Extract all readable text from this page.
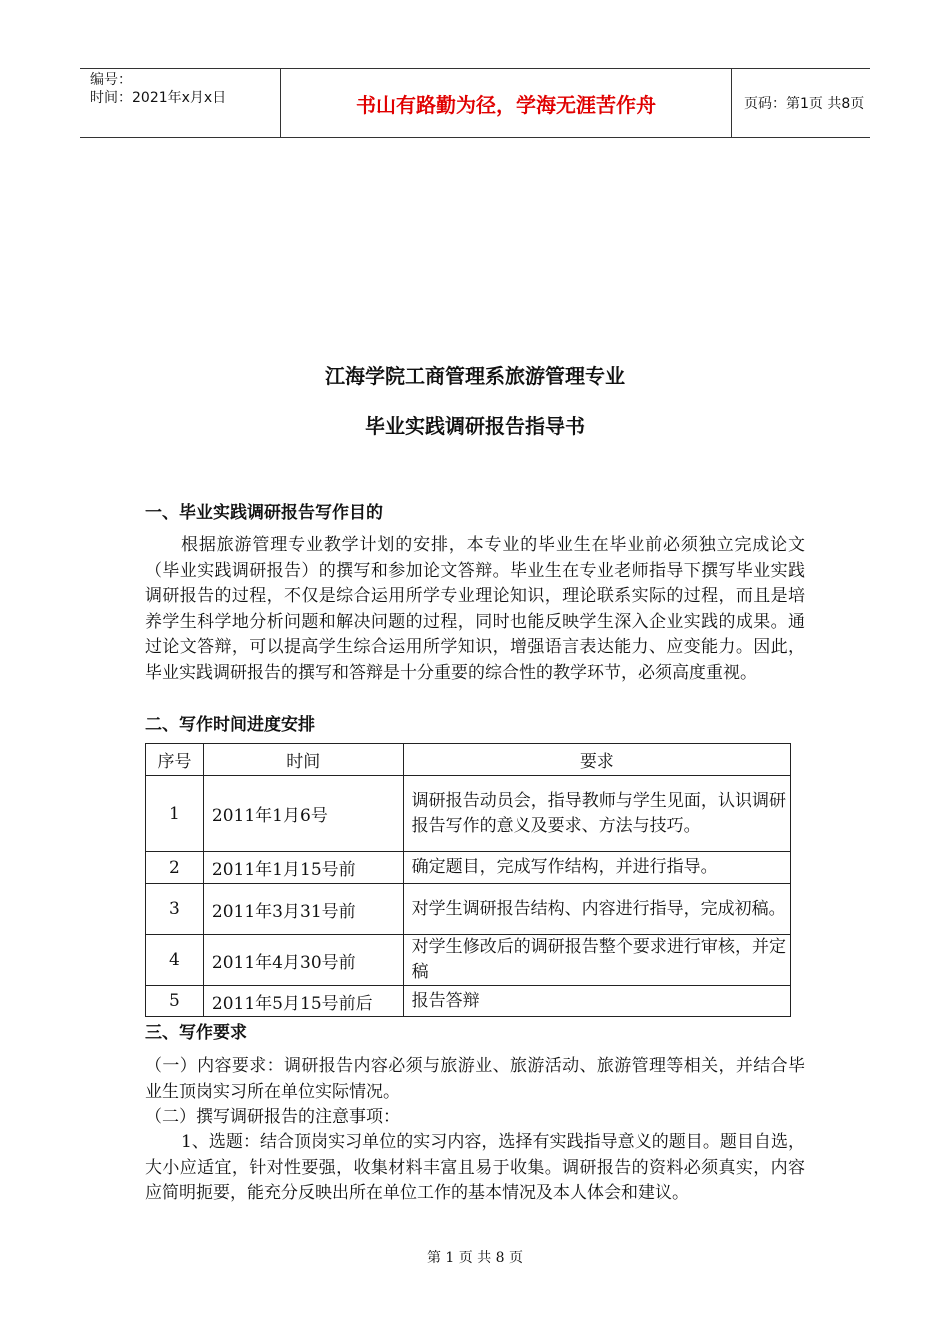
编号：
时间：2021年x月x日	书山有路勤为径，学海无涯苦作舟	页码：第1页 共8页
江海学院工商管理系旅游管理专业
毕业实践调研报告指导书
一、毕业实践调研报告写作目的

根据旅游管理专业教学计划的安排，本专业的毕业生在毕业前必须独立完成论文（毕业实践调研报告）的撰写和参加论文答辩。毕业生在专业老师指导下撰写毕业实践调研报告的过程，不仅是综合运用所学专业理论知识，理论联系实际的过程，而且是培养学生科学地分析问题和解决问题的过程，同时也能反映学生深入企业实践的成果。通过论文答辩，可以提高学生综合运用所学知识，增强语言表达能力、应变能力。因此，毕业实践调研报告的撰写和答辩是十分重要的综合性的教学环节，必须高度重视。

二、写作时间进度安排
序号	时间	要求
1	2011年1月6号	调研报告动员会，指导教师与学生见面，认识调研报告写作的意义及要求、方法与技巧。
2	2011年1月15号前	确定题目，完成写作结构，并进行指导。
3	2011年3月31号前	对学生调研报告结构、内容进行指导，完成初稿。
4	2011年4月30号前	对学生修改后的调研报告整个要求进行审核，并定稿
5	2011年5月15号前后	报告答辩
三、写作要求

（一）内容要求：调研报告内容必须与旅游业、旅游活动、旅游管理等相关，并结合毕业生顶岗实习所在单位实际情况。

（二）撰写调研报告的注意事项：

1、选题：结合顶岗实习单位的实习内容，选择有实践指导意义的题目。题目自选，大小应适宜，针对性要强，收集材料丰富且易于收集。调研报告的资料必须真实，内容应简明扼要，能充分反映出所在单位工作的基本情况及本人体会和建议。

第 1 页 共 8 页
